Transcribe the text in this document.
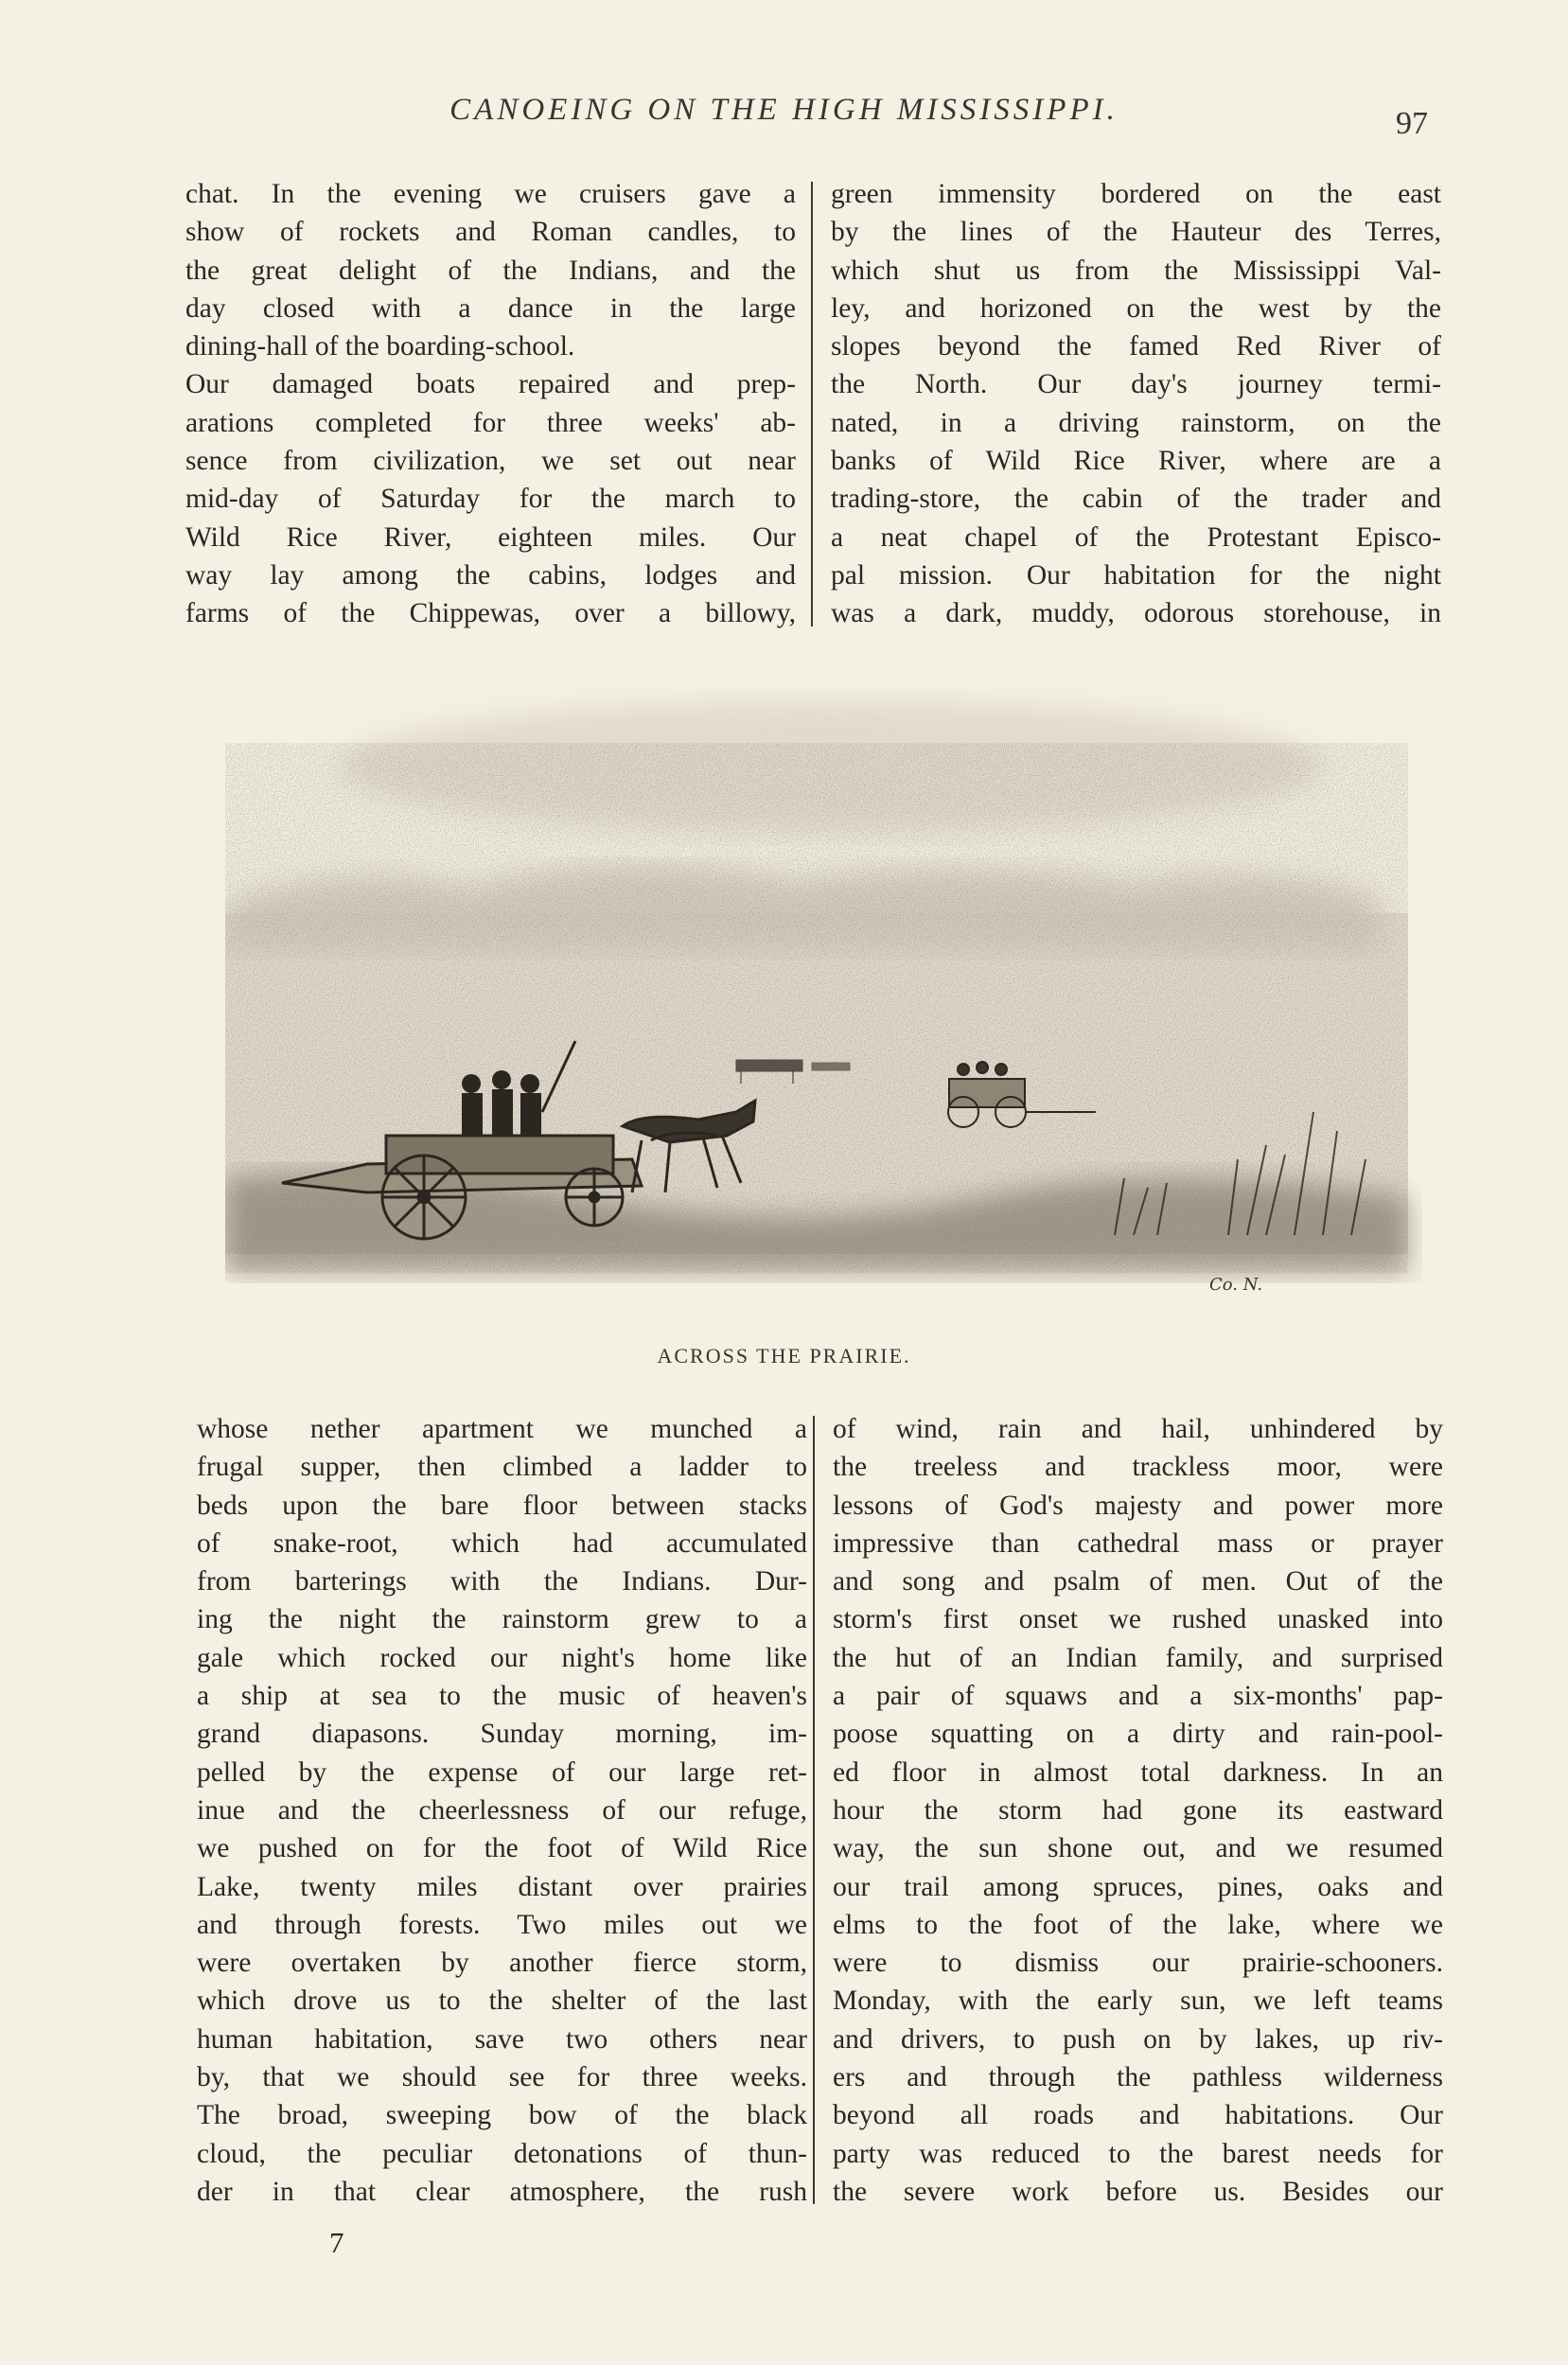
CANOEING ON THE HIGH MISSISSIPPI.	97
chat. In the evening we cruisers gave a
show of rockets and Roman candles, to
the great delight of the Indians, and the
day closed with a dance in the large
dining-hall of the boarding-school.
Our damaged boats repaired and prep-
arations completed for three weeks' ab-
sence from civilization, we set out near
mid-day of Saturday for the march to
Wild Rice River, eighteen miles. Our
way lay among the cabins, lodges and
farms of the Chippewas, over a billowy,
green immensity bordered on the east
by the lines of the Hauteur des Terres,
which shut us from the Mississippi Val-
ley, and horizoned on the west by the
slopes beyond the famed Red River of
the North. Our day's journey termi-
nated, in a driving rainstorm, on the
banks of Wild Rice River, where are a
trading-store, the cabin of the trader and
a neat chapel of the Protestant Episco-
pal mission. Our habitation for the night
was a dark, muddy, odorous storehouse, in
Co. N.
ACROSS THE PRAIRIE.
whose nether apartment we munched a
frugal supper, then climbed a ladder to
beds upon the bare floor between stacks
of snake-root, which had accumulated
from barterings with the Indians. Dur-
ing the night the rainstorm grew to a
gale which rocked our night's home like
a ship at sea to the music of heaven's
grand diapasons. Sunday morning, im-
pelled by the expense of our large ret-
inue and the cheerlessness of our refuge,
we pushed on for the foot of Wild Rice
Lake, twenty miles distant over prairies
and through forests. Two miles out we
were overtaken by another fierce storm,
which drove us to the shelter of the last
human habitation, save two others near
by, that we should see for three weeks.
The broad, sweeping bow of the black
cloud, the peculiar detonations of thun-
der in that clear atmosphere, the rush
of wind, rain and hail, unhindered by
the treeless and trackless moor, were
lessons of God's majesty and power more
impressive than cathedral mass or prayer
and song and psalm of men. Out of the
storm's first onset we rushed unasked into
the hut of an Indian family, and surprised
a pair of squaws and a six-months' pap-
poose squatting on a dirty and rain-pool-
ed floor in almost total darkness. In an
hour the storm had gone its eastward
way, the sun shone out, and we resumed
our trail among spruces, pines, oaks and
elms to the foot of the lake, where we
were to dismiss our prairie-schooners.
Monday, with the early sun, we left teams
and drivers, to push on by lakes, up riv-
ers and through the pathless wilderness
beyond all roads and habitations. Our
party was reduced to the barest needs for
the severe work before us. Besides our
7
